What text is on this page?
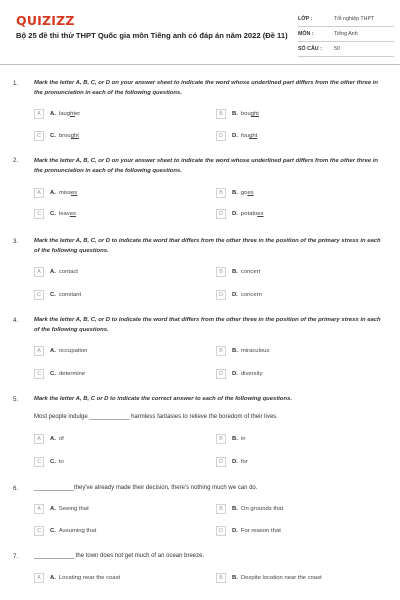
QUIZIZZ
Bộ 25 đề thi thử THPT Quốc gia môn Tiếng anh có đáp án năm 2022 (Đề 11)
LỚP :	Tốt nghiệp THPT
MÔN :	Tiếng Anh
SỐ CÂU :	50
1.	Mark the letter A, B, C, or D on your answer sheet to indicate the word whose underlined part differs from the other three in the pronunciation in each of the following questions.
A	A. laughter	B	B. bought
C	C. brought	D	D. fought
2.	Mark the letter A, B, C, or D on your answer sheet to indicate the word whose underlined part differs from the other three in the pronunciation in each of the following questions.
A	A. misses	B	B. goes
C	C. leaves	D	D. potatoes
3.	Mark the letter A, B, C, or D to indicate the word that differs from the other three in the position of the primary stress in each of the following questions.
A	A. contact	B	B. concert
C	C. constant	D	D. concern
4.	Mark the letter A, B, C, or D to indicate the word that differs from the other three in the position of the primary stress in each of the following questions.
A	A. occupation	B	B. miraculous
C	C. determine	D	D. diversity
5.	Mark the letter A, B, C or D to indicate the correct answer to each of the following questions.
Most people indulge ____________ harmless fantasies to relieve the boredom of their lives.
A	A. of	B	B. in
C	C. to	D	D. for
6.	____________they've already made their decision, there's nothing much we can do.
A	A. Seeing that	B	B. On grounds that
C	C. Assuming that	D	D. For reason that
7.	____________ the town does not get much of an ocean breeze.
A	A. Locating near the coast	B	B. Despite location near the coast
